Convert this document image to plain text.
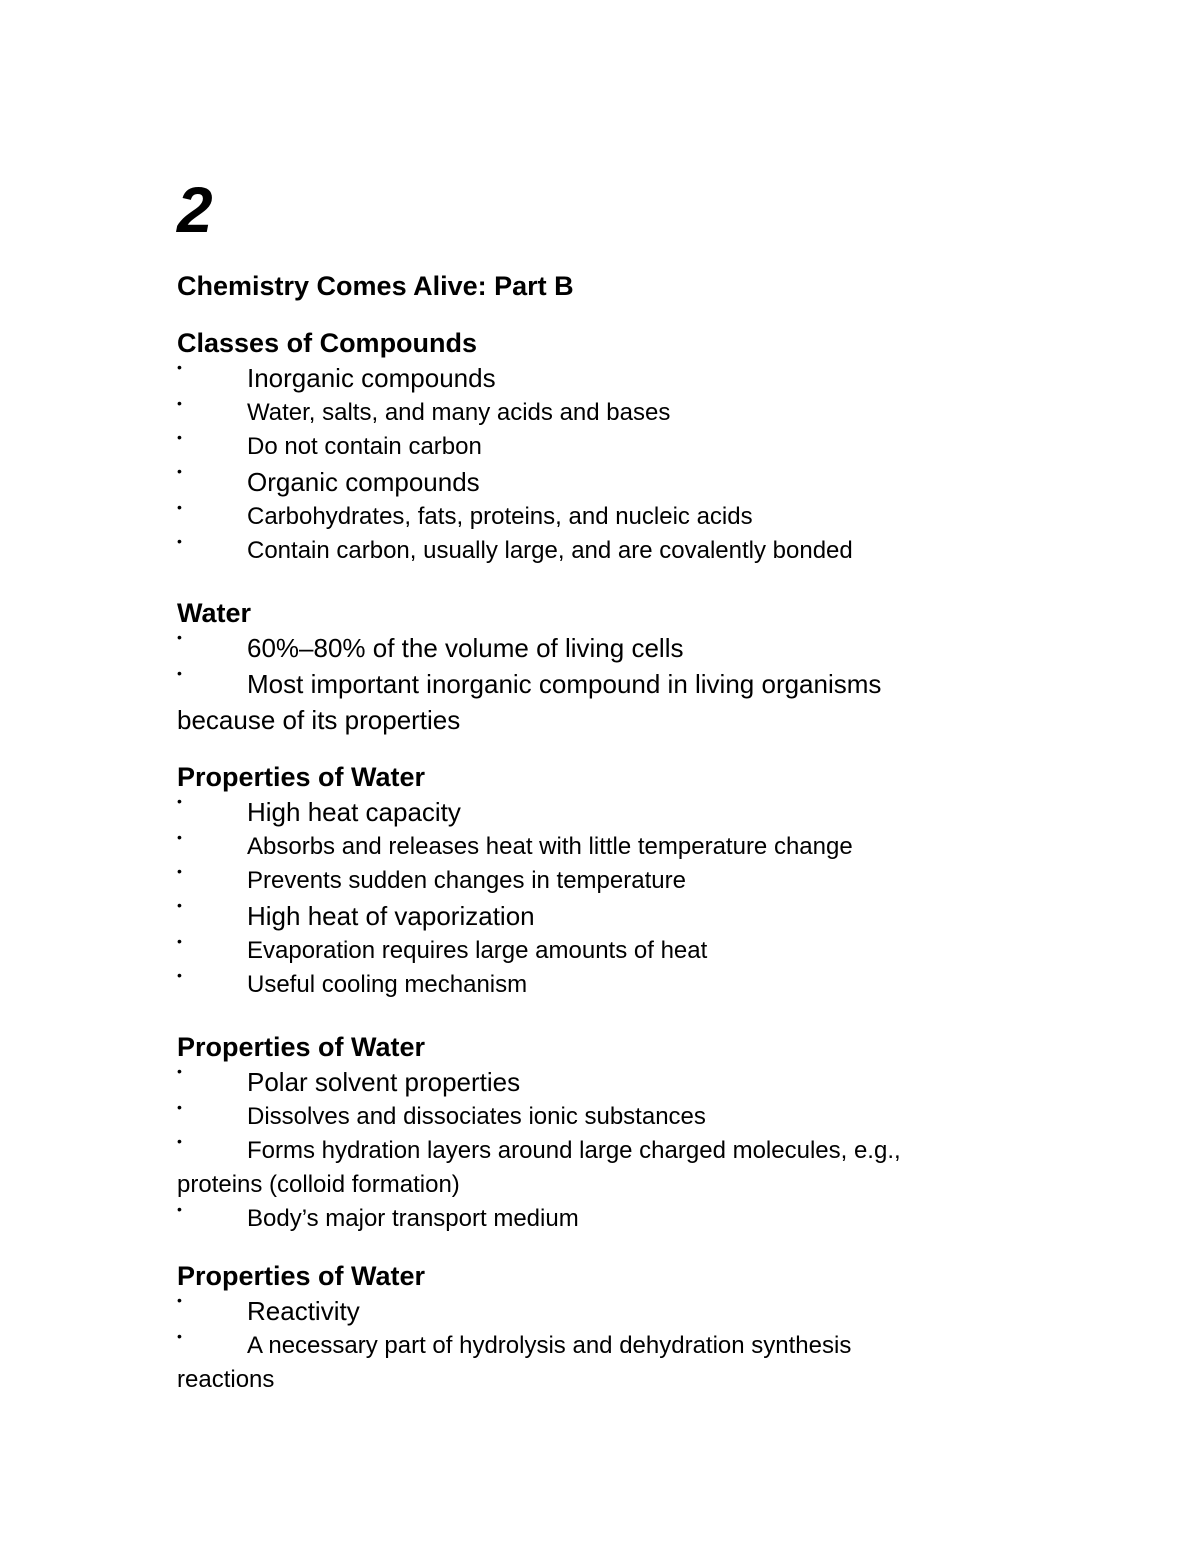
2
Chemistry Comes Alive: Part B
Classes of Compounds
•	Inorganic compounds
•	Water, salts, and many acids and bases
•	Do not contain carbon
•	Organic compounds
•	Carbohydrates, fats, proteins, and nucleic acids
•	Contain carbon, usually large, and are covalently bonded
Water
•	60%–80% of the volume of living cells
•	Most important inorganic compound in living organisms
because of its properties
Properties of Water
•	High heat capacity
•	Absorbs and releases heat with little temperature change
•	Prevents sudden changes in temperature
•	High heat of vaporization
•	Evaporation requires large amounts of heat
•	Useful cooling mechanism
Properties of Water
•	Polar solvent properties
•	Dissolves and dissociates ionic substances
•	Forms hydration layers around large charged molecules, e.g.,
proteins (colloid formation)
•	Body’s major transport medium
Properties of Water
•	Reactivity
•	A necessary part of hydrolysis and dehydration synthesis
reactions
